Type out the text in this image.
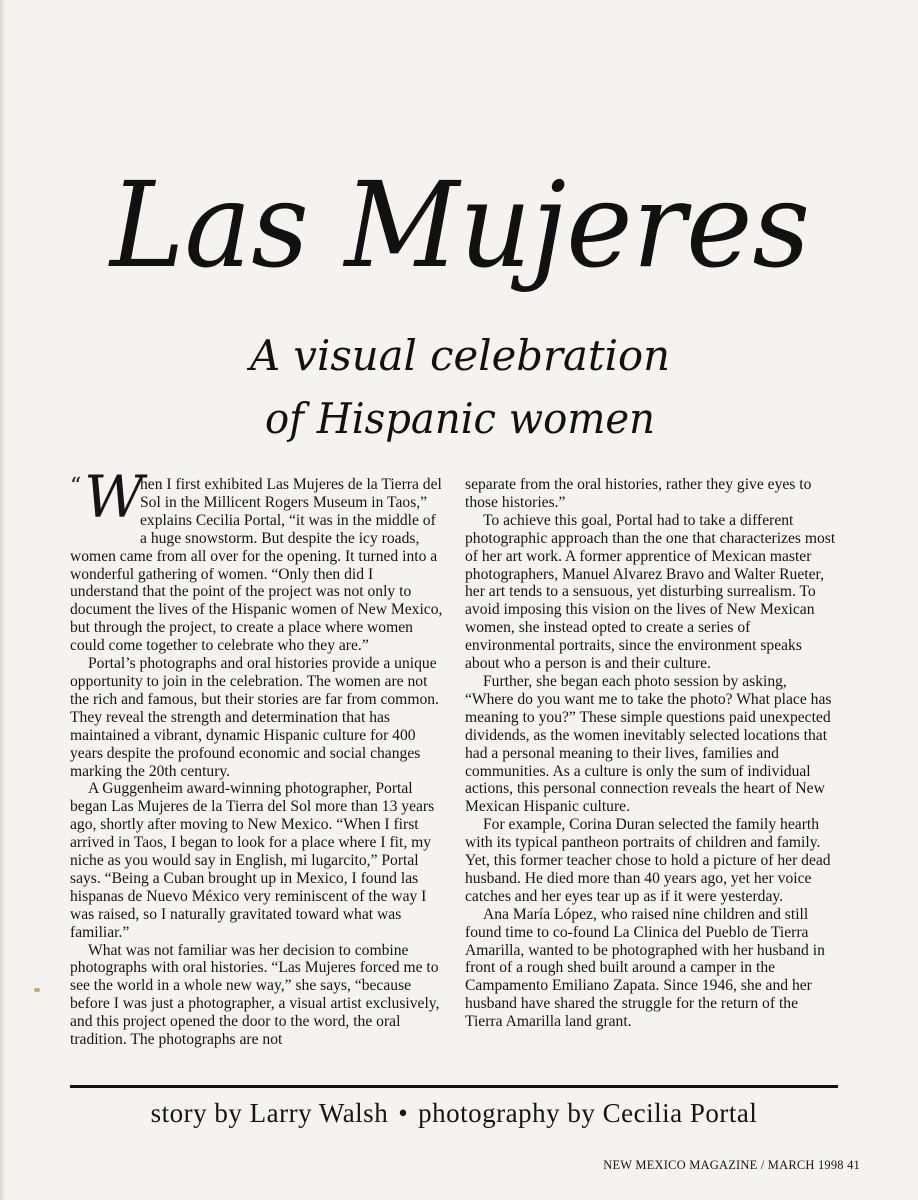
Las Mujeres
A visual celebration
of Hispanic women

“ W
hen I first exhibited Las Mujeres de la Tierra del Sol in the Millicent Rogers Museum in Taos,” explains Cecilia Portal, “it was in the middle of a huge snowstorm. But despite the icy roads, women came from all over for the opening. It turned into a wonderful gathering of women. “Only then did I understand that the point of the project was not only to document the lives of the Hispanic women of New Mexico, but through the project, to create a place where women could come together to celebrate who they are.”

Portal’s photographs and oral histories provide a unique opportunity to join in the celebration. The women are not the rich and famous, but their stories are far from common. They reveal the strength and determination that has maintained a vibrant, dynamic Hispanic culture for 400 years despite the profound economic and social changes marking the 20th century.

A Guggenheim award-winning photographer, Portal began Las Mujeres de la Tierra del Sol more than 13 years ago, shortly after moving to New Mexico. “When I first arrived in Taos, I began to look for a place where I fit, my niche as you would say in English, mi lugarcito,” Portal says. “Being a Cuban brought up in Mexico, I found las hispanas de Nuevo México very reminiscent of the way I was raised, so I naturally gravitated toward what was familiar.”

What was not familiar was her decision to combine photographs with oral histories. “Las Mujeres forced me to see the world in a whole new way,” she says, “because before I was just a photographer, a visual artist exclusively, and this project opened the door to the word, the oral tradition. The photographs are not

separate from the oral histories, rather they give eyes to those histories.”

To achieve this goal, Portal had to take a different photographic approach than the one that characterizes most of her art work. A former apprentice of Mexican master photographers, Manuel Alvarez Bravo and Walter Rueter, her art tends to a sensuous, yet disturbing surrealism. To avoid imposing this vision on the lives of New Mexican women, she instead opted to create a series of environmental portraits, since the environment speaks about who a person is and their culture.

Further, she began each photo session by asking, “Where do you want me to take the photo? What place has meaning to you?” These simple questions paid unexpected dividends, as the women inevitably selected locations that had a personal meaning to their lives, families and communities. As a culture is only the sum of individual actions, this personal connection reveals the heart of New Mexican Hispanic culture.

For example, Corina Duran selected the family hearth with its typical pantheon portraits of children and family. Yet, this former teacher chose to hold a picture of her dead husband. He died more than 40 years ago, yet her voice catches and her eyes tear up as if it were yesterday.

Ana María López, who raised nine children and still found time to co-found La Clinica del Pueblo de Tierra Amarilla, wanted to be photographed with her husband in front of a rough shed built around a camper in the Campamento Emiliano Zapata. Since 1946, she and her husband have shared the struggle for the return of the Tierra Amarilla land grant.

story by Larry Walsh • photography by Cecilia Portal
NEW MEXICO MAGAZINE / MARCH 1998 41
